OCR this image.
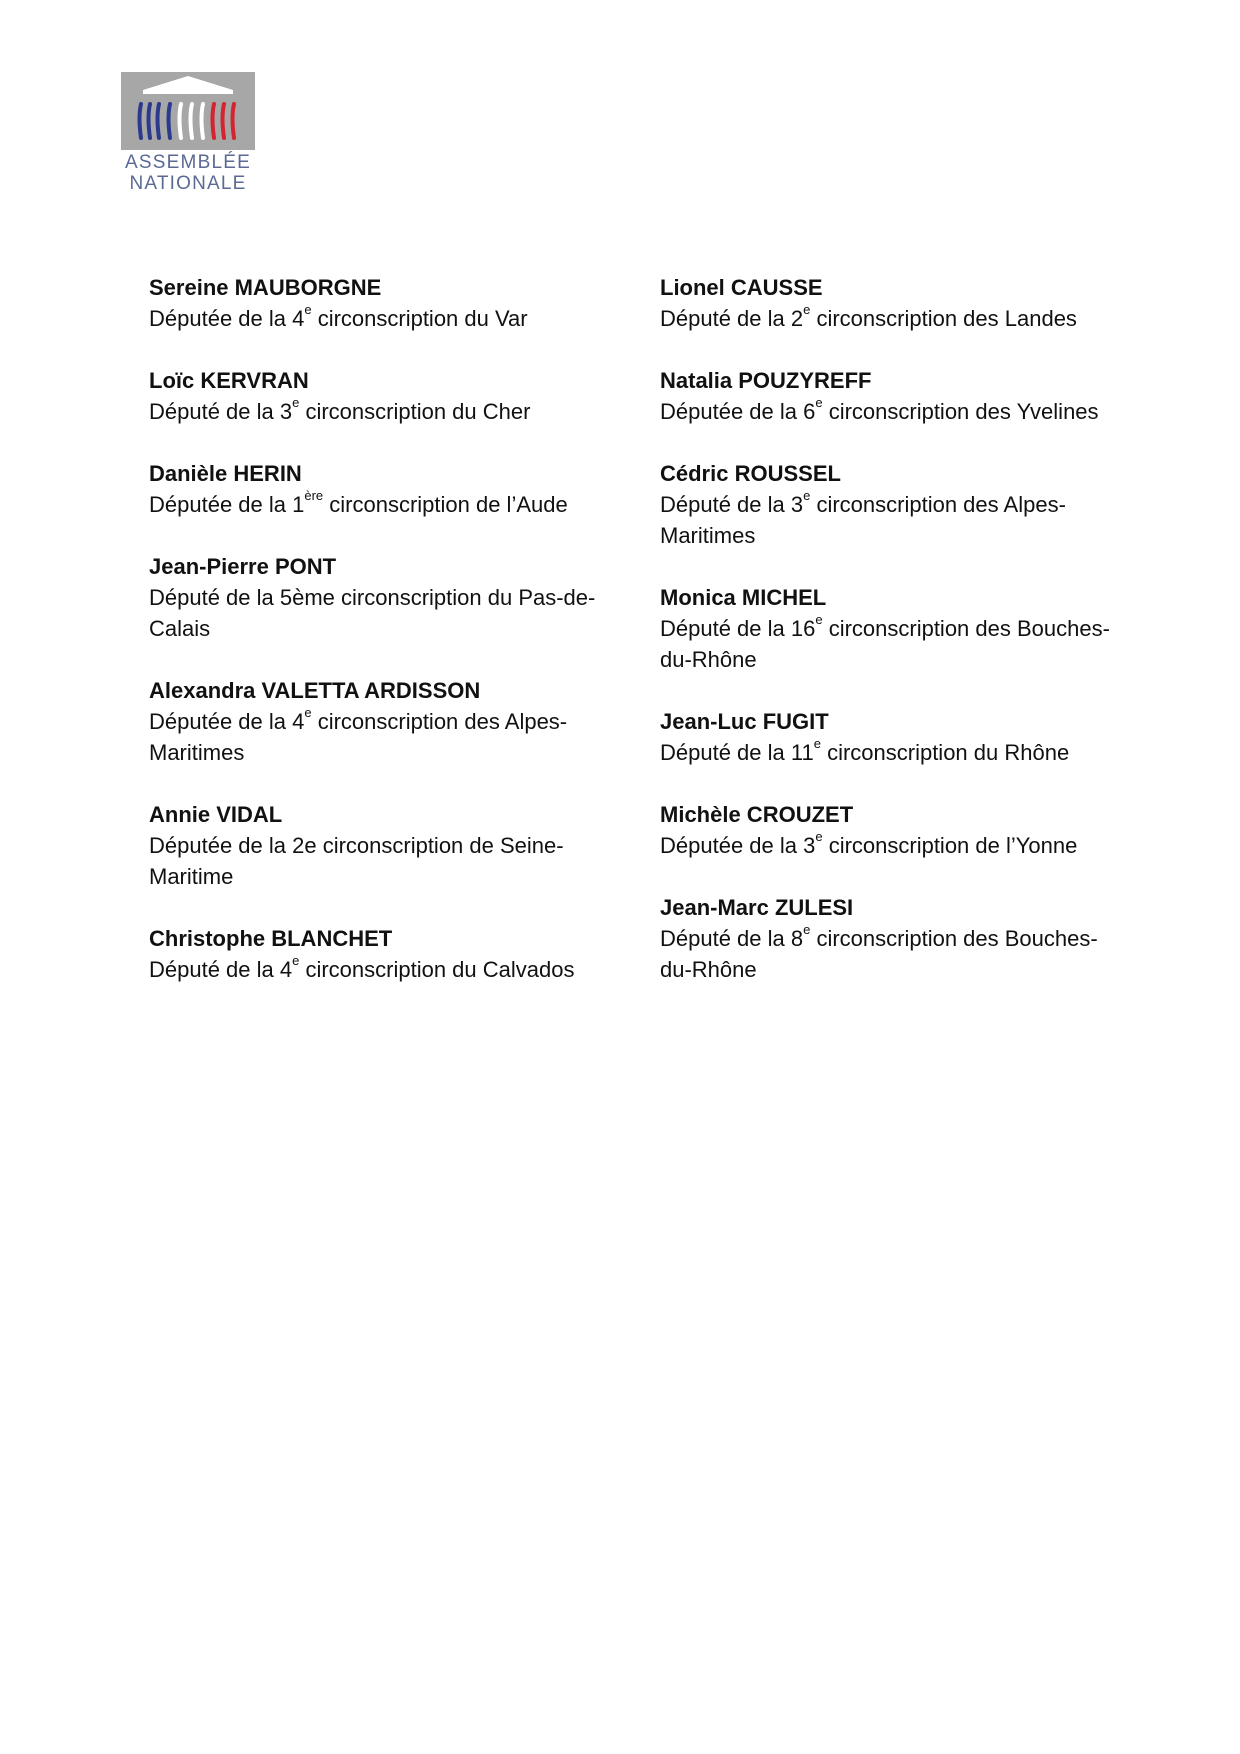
ASSEMBLÉE
NATIONALE
Sereine MAUBORGNE
Députée de la 4e circonscription du Var
Loïc KERVRAN
Député de la 3e circonscription du Cher
Danièle HERIN
Députée de la 1ère circonscription de l’Aude
Jean-Pierre PONT
Député de la 5ème circonscription du Pas-de-Calais
Alexandra VALETTA ARDISSON
Députée de la 4e circonscription des Alpes-Maritimes
Annie VIDAL
Députée de la 2e circonscription de Seine-Maritime
Christophe BLANCHET
Député de la 4e circonscription du Calvados
Lionel CAUSSE
Député de la 2e circonscription des Landes
Natalia POUZYREFF
Députée de la 6e circonscription des Yvelines
Cédric ROUSSEL
Député de la 3e circonscription des Alpes-Maritimes
Monica MICHEL
Député de la 16e circonscription des Bouches-du-Rhône
Jean-Luc FUGIT
Député de la 11e circonscription du Rhône
Michèle CROUZET
Députée de la 3e circonscription de l’Yonne
Jean-Marc ZULESI
Député de la 8e circonscription des Bouches-du-Rhône
